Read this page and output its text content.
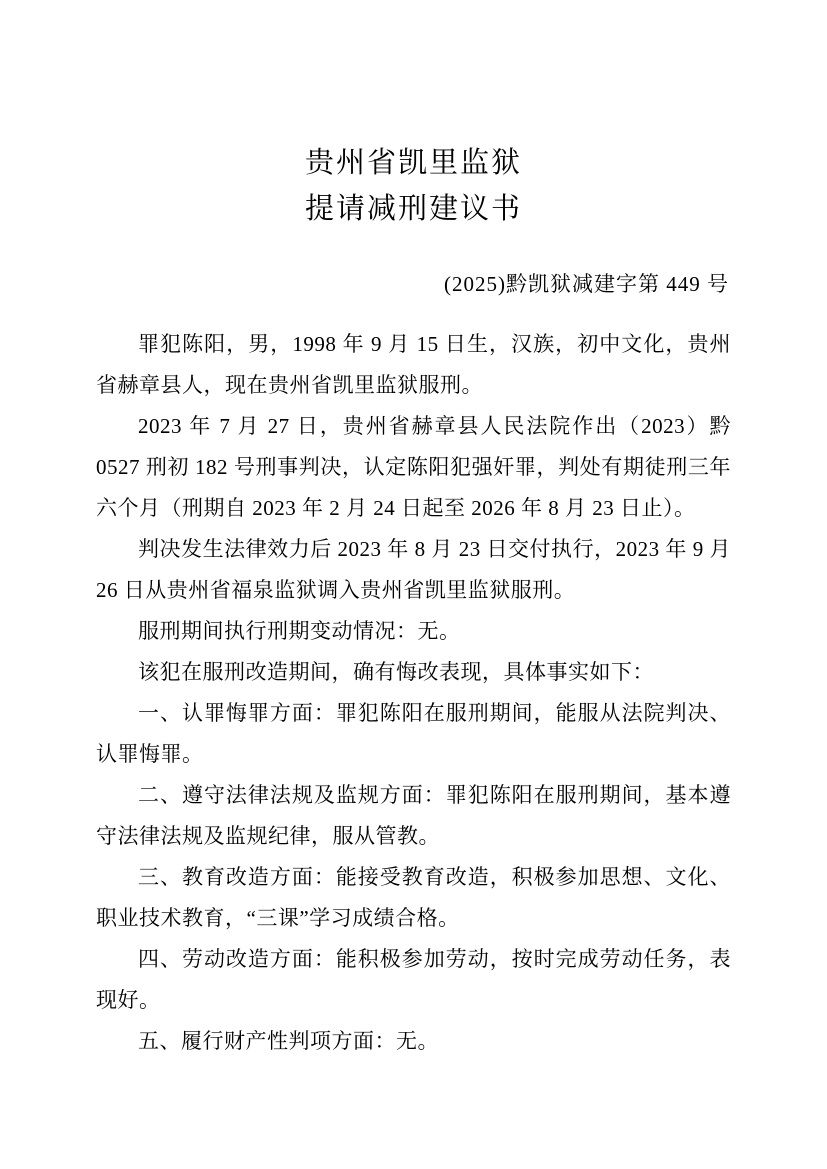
贵州省凯里监狱
提请减刑建议书
(2025)黔凯狱减建字第 449 号

罪犯陈阳，男，1998 年 9 月 15 日生，汉族，初中文化，贵州省赫章县人，现在贵州省凯里监狱服刑。

2023 年 7 月 27 日，贵州省赫章县人民法院作出（2023）黔 0527 刑初 182 号刑事判决，认定陈阳犯强奸罪，判处有期徒刑三年六个月（刑期自 2023 年 2 月 24 日起至 2026 年 8 月 23 日止）。

判决发生法律效力后 2023 年 8 月 23 日交付执行，2023 年 9 月 26 日从贵州省福泉监狱调入贵州省凯里监狱服刑。

服刑期间执行刑期变动情况：无。

该犯在服刑改造期间，确有悔改表现，具体事实如下：

一、认罪悔罪方面：罪犯陈阳在服刑期间，能服从法院判决、认罪悔罪。

二、遵守法律法规及监规方面：罪犯陈阳在服刑期间，基本遵守法律法规及监规纪律，服从管教。

三、教育改造方面：能接受教育改造，积极参加思想、文化、职业技术教育，“三课”学习成绩合格。

四、劳动改造方面：能积极参加劳动，按时完成劳动任务，表现好。

五、履行财产性判项方面：无。
